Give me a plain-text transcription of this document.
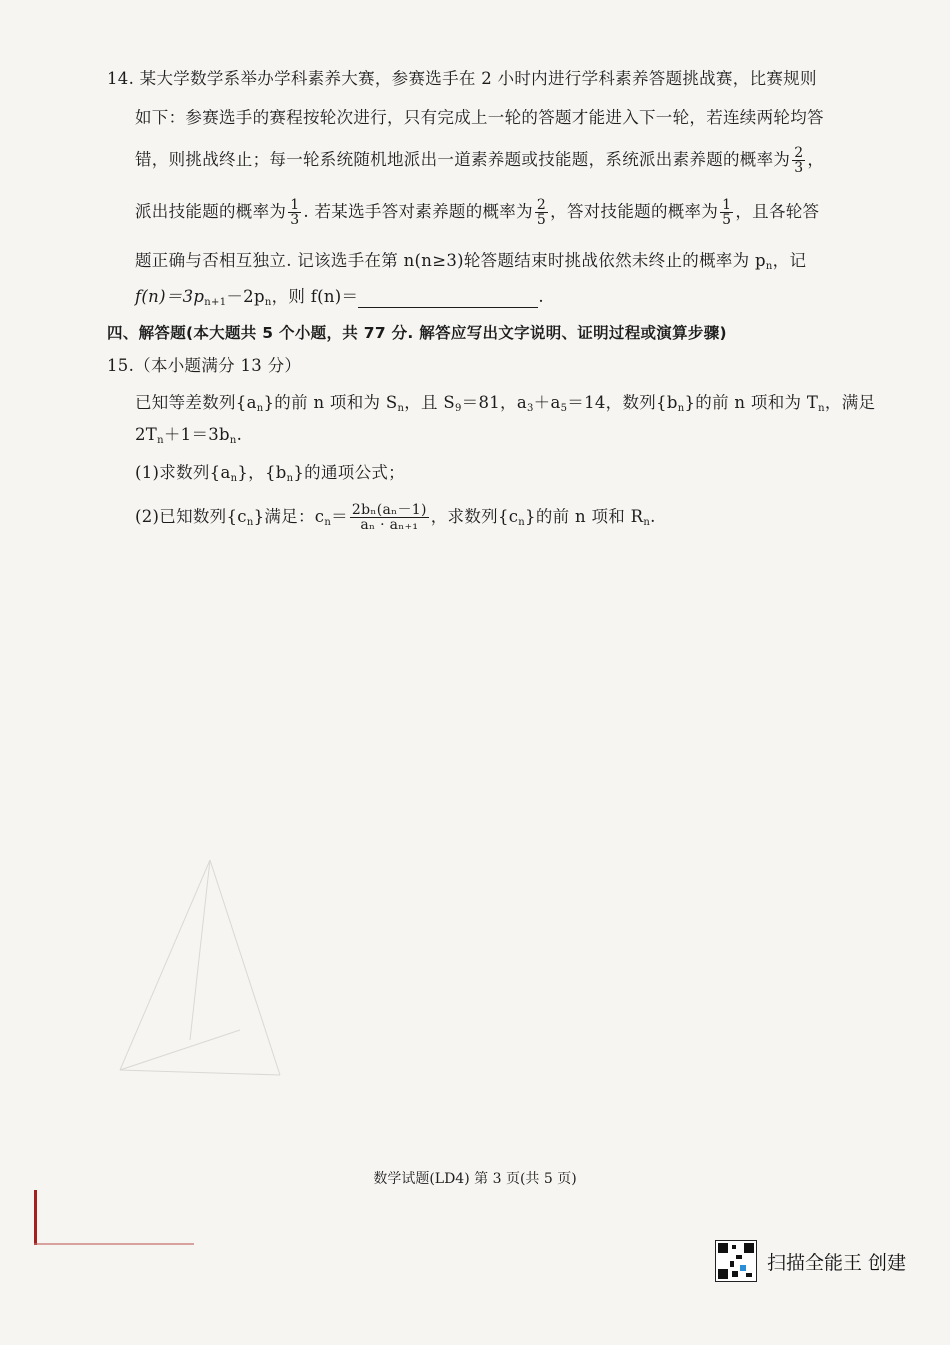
14. 某大学数学系举办学科素养大赛，参赛选手在 2 小时内进行学科素养答题挑战赛，比赛规则
如下：参赛选手的赛程按轮次进行，只有完成上一轮的答题才能进入下一轮，若连续两轮均答
错，则挑战终止；每一轮系统随机地派出一道素养题或技能题，系统派出素养题的概率为 $\frac{2}{3}$ ，
派出技能题的概率为 $\frac{1}{3}$ . 若某选手答对素养题的概率为 $\frac{2}{5}$ ，答对技能题的概率为 $\frac{1}{5}$ ，且各轮答
题正确与否相互独立. 记该选手在第 n(n≥3)轮答题结束时挑战依然未终止的概率为 $p_n$，记
$f(n)=3p_{n+1}-2p_n$，则 f(n)＝	.
四、解答题(本大题共 5 个小题，共 77 分. 解答应写出文字说明、证明过程或演算步骤)
15.（本小题满分 13 分）
已知等差数列$\{a_n\}$的前 n 项和为 $S_n$，且 $S_9=81$，$a_3+a_5=14$，数列$\{b_n\}$的前 n 项和为 $T_n$，满足
$2T_n+1=3b_n$.
(1)求数列$\{a_n\}$，$\{b_n\}$的通项公式；
(2)已知数列$\{c_n\}$满足：$c_n= \frac{\text{2bₙ(aₙ－1)}}{\text{aₙ · aₙ₊₁}}$ ，求数列$\{c_n\}$的前 n 项和 $R_n$.
数学试题(LD4) 第 3 页(共 5 页)
扫描全能王 创建
